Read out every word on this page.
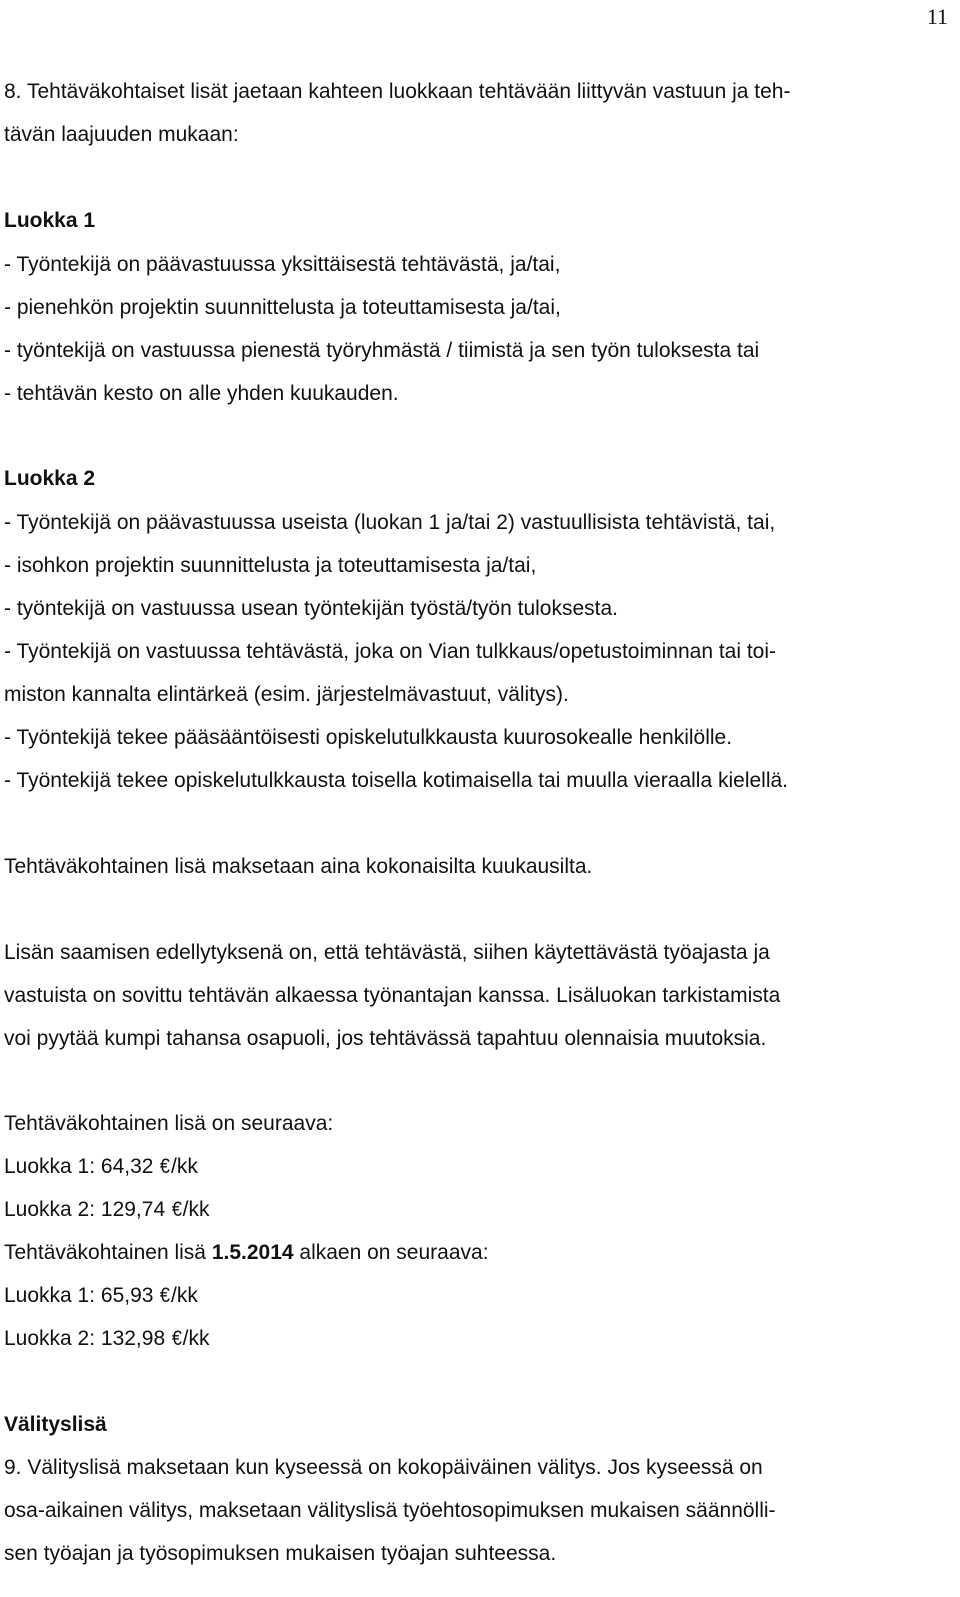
11
8. Tehtäväkohtaiset lisät jaetaan kahteen luokkaan tehtävään liittyvän vastuun ja teh-
tävän laajuuden mukaan:
Luokka 1
- Työntekijä on päävastuussa yksittäisestä tehtävästä, ja/tai,
- pienehkön projektin suunnittelusta ja toteuttamisesta ja/tai,
- työntekijä on vastuussa pienestä työryhmästä / tiimistä ja sen työn tuloksesta tai
- tehtävän kesto on alle yhden kuukauden.
Luokka 2
- Työntekijä on päävastuussa useista (luokan 1 ja/tai 2) vastuullisista tehtävistä, tai,
- isohkon projektin suunnittelusta ja toteuttamisesta ja/tai,
- työntekijä on vastuussa usean työntekijän työstä/työn tuloksesta.
- Työntekijä on vastuussa tehtävästä, joka on Vian tulkkaus/opetustoiminnan tai toi-
miston kannalta elintärkeä (esim. järjestelmävastuut, välitys).
- Työntekijä tekee pääsääntöisesti opiskelutulkkausta kuurosokealle henkilölle.
- Työntekijä tekee opiskelutulkkausta toisella kotimaisella tai muulla vieraalla kielellä.
Tehtäväkohtainen lisä maksetaan aina kokonaisilta kuukausilta.
Lisän saamisen edellytyksenä on, että tehtävästä, siihen käytettävästä työajasta ja
vastuista on sovittu tehtävän alkaessa työnantajan kanssa. Lisäluokan tarkistamista
voi pyytää kumpi tahansa osapuoli, jos tehtävässä tapahtuu olennaisia muutoksia.
Tehtäväkohtainen lisä on seuraava:
Luokka 1: 64,32 €/kk
Luokka 2: 129,74 €/kk
Tehtäväkohtainen lisä 1.5.2014 alkaen on seuraava:
Luokka 1: 65,93 €/kk
Luokka 2: 132,98 €/kk
Välityslisä
9. Välityslisä maksetaan kun kyseessä on kokopäiväinen välitys. Jos kyseessä on
osa-aikainen välitys, maksetaan välityslisä työehtosopimuksen mukaisen säännölli-
sen työajan ja työsopimuksen mukaisen työajan suhteessa.
